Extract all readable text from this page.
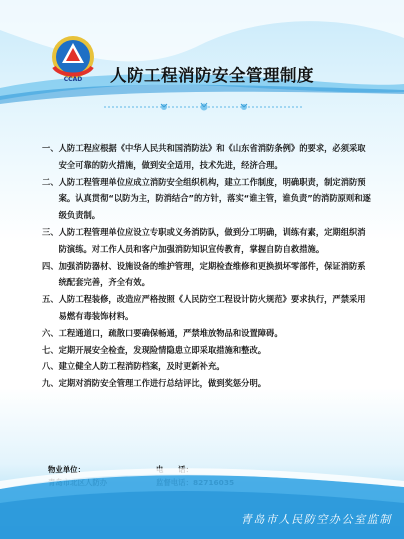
CCAD 人防工程消防安全管理制度
一、 人防工程应根据《中华人民共和国消防法》和《山东省消防条例》的要求，必须采取安全可靠的防火措施，做到安全适用，技术先进，经济合理。
二、 人防工程管理单位应成立消防安全组织机构，建立工作制度，明确职责，制定消防预案。认真贯彻“以防为主，防消结合”的方针，落实“谁主管，谁负责”的消防原则和逐级负责制。
三、 人防工程管理单位应设立专职或义务消防队，做到分工明确，训练有素，定期组织消防演练。对工作人员和客户加强消防知识宣传教育，掌握自防自救措施。
四、 加强消防器材、设施设备的维护管理，定期检查维修和更换损坏零部件，保证消防系统配套完善，齐全有效。
五、 人防工程装修，改造应严格按照《人民防空工程设计防火规范》要求执行，严禁采用易燃有毒装饰材料。
六、 工程通道口，疏散口要确保畅通，严禁堆放物品和设置障碍。
七、 定期开展安全检查，发现险情隐患立即采取措施和整改。
八、 建立健全人防工程消防档案，及时更新补充。
九、 定期对消防安全管理工作进行总结评比，做到奖惩分明。
物业单位：
青岛市人民防空办公室监制
